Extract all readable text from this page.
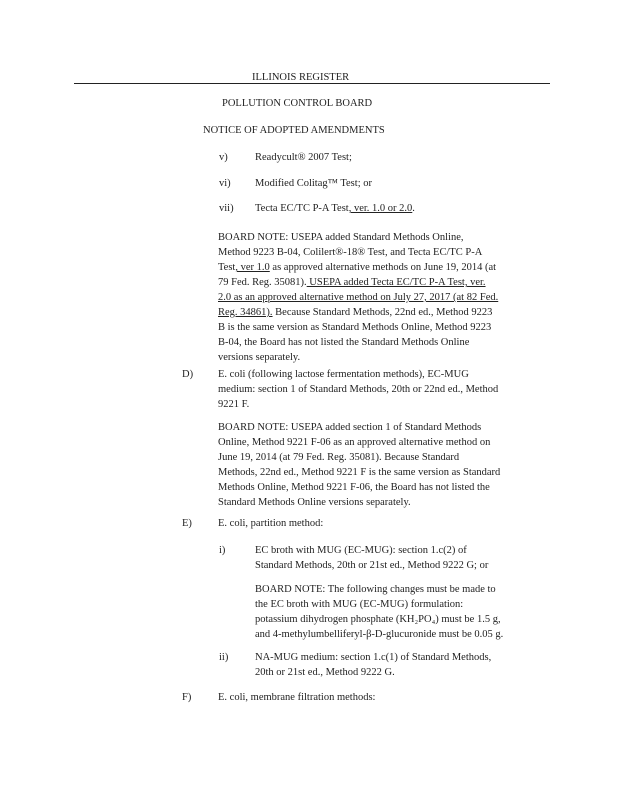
ILLINOIS REGISTER
POLLUTION CONTROL BOARD
NOTICE OF ADOPTED AMENDMENTS
v)	Readycult® 2007 Test;
vi) Modified Colitag™ Test; or
vii) Tecta EC/TC P-A Test, ver. 1.0 or 2.0.
BOARD NOTE: USEPA added Standard Methods Online,
Method 9223 B-04, Colilert®-18® Test, and Tecta EC/TC P-A
Test, ver 1.0 as approved alternative methods on June 19, 2014 (at
79 Fed. Reg. 35081). USEPA added Tecta EC/TC P-A Test, ver.
2.0 as an approved alternative method on July 27, 2017 (at 82 Fed.
Reg. 34861). Because Standard Methods, 22nd ed., Method 9223
B is the same version as Standard Methods Online, Method 9223
B-04, the Board has not listed the Standard Methods Online
versions separately.
D) E. coli (following lactose fermentation methods), EC-MUG
medium: section 1 of Standard Methods, 20th or 22nd ed., Method
9221 F.
BOARD NOTE: USEPA added section 1 of Standard Methods
Online, Method 9221 F-06 as an approved alternative method on
June 19, 2014 (at 79 Fed. Reg. 35081). Because Standard
Methods, 22nd ed., Method 9221 F is the same version as Standard
Methods Online, Method 9221 F-06, the Board has not listed the
Standard Methods Online versions separately.
E) E. coli, partition method:
i)	EC broth with MUG (EC-MUG): section 1.c(2) of
Standard Methods, 20th or 21st ed., Method 9222 G; or
BOARD NOTE: The following changes must be made to
the EC broth with MUG (EC-MUG) formulation:
potassium dihydrogen phosphate (KH₂PO₄) must be 1.5 g,
and 4-methylumbelliferyl-β-D-glucuronide must be 0.05 g.
ii)	NA-MUG medium: section 1.c(1) of Standard Methods,
20th or 21st ed., Method 9222 G.
F)	E. coli, membrane filtration methods:
